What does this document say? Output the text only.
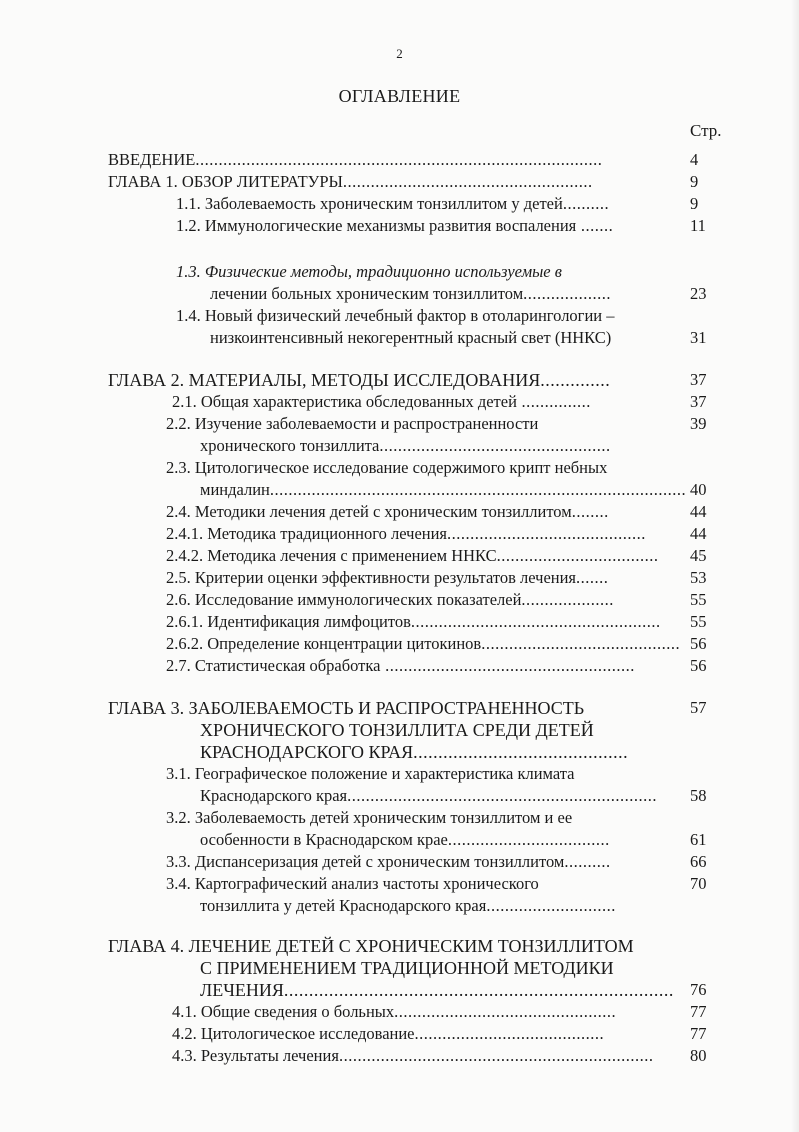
2
ОГЛАВЛЕНИЕ
Стр.
ВВЕДЕНИЕ........................................................................................	4
ГЛАВА 1. ОБЗОР ЛИТЕРАТУРЫ......................................................	9
1.1. Заболеваемость хроническим тонзиллитом у детей..........	9
1.2. Иммунологические механизмы развития воспаления .......	11
1.3. Физические методы, традиционно используемые в
лечении больных хроническим тонзиллитом...................	23
1.4. Новый физический лечебный фактор в отоларингологии –
низкоинтенсивный некогерентный красный свет (ННКС)	31
ГЛАВА 2. МАТЕРИАЛЫ, МЕТОДЫ ИССЛЕДОВАНИЯ..............	37
2.1. Общая характеристика обследованных детей ...............	37
2.2. Изучение заболеваемости и распространенности	39
хронического тонзиллита..................................................
2.3. Цитологическое исследование содержимого крипт небных
миндалин.......................................................................................... 40
2.4. Методики лечения детей с хроническим тонзиллитом........	44
2.4.1. Методика традиционного лечения...........................................	44
2.4.2. Методика лечения с применением ННКС...................................	45
2.5. Критерии оценки эффективности результатов лечения.......	53
2.6. Исследование иммунологических показателей....................	55
2.6.1. Идентификация лимфоцитов......................................................	55
2.6.2. Определение концентрации цитокинов........................................... 56
2.7. Статистическая обработка ......................................................	56
ГЛАВА 3. ЗАБОЛЕВАЕМОСТЬ И РАСПРОСТРАНЕННОСТЬ	57
ХРОНИЧЕСКОГО ТОНЗИЛЛИТА СРЕДИ ДЕТЕЙ
КРАСНОДАРСКОГО КРАЯ...........................................
3.1. Географическое положение и характеристика климата
Краснодарского края...................................................................	58
3.2. Заболеваемость детей хроническим тонзиллитом и ее
особенности в Краснодарском крае...................................	61
3.3. Диспансеризация детей с хроническим тонзиллитом..........	66
3.4. Картографический анализ частоты хронического	70
тонзиллита у детей Краснодарского края............................
ГЛАВА 4. ЛЕЧЕНИЕ ДЕТЕЙ С ХРОНИЧЕСКИМ ТОНЗИЛЛИТОМ
С ПРИМЕНЕНИЕМ ТРАДИЦИОННОЙ МЕТОДИКИ
ЛЕЧЕНИЯ.............................................................................. 76
4.1. Общие сведения о больных................................................	77
4.2. Цитологическое исследование.........................................	77
4.3. Результаты лечения....................................................................	80
